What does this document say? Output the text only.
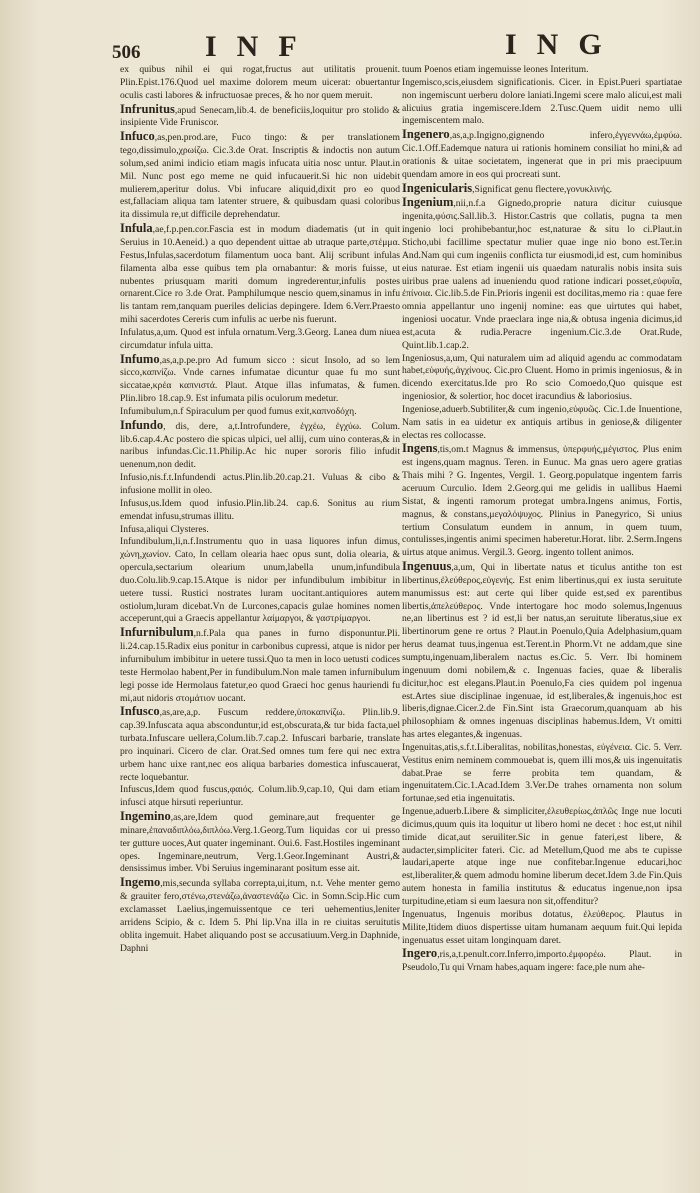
506 INF	ING
ex quibus nihil ei qui rogat,fructus aut utilitatis prouenit. Plin.Epist.176.Quod uel maxime dolorem meum uicerat: obuertantur oculis casti labores & infructuosae preces, & ho nor quem meruit.
Infrunitus,apud Senecam,lib.4. de beneficiis,loquitur pro stolido & insipiente Vide Fruniscor.
Infuco,as,pen.prod.are, Fuco tingo: & per translationem tego,dissimulo,χρωίζω. Cic.3.de Orat. Inscriptis & indoctis non autum solum,sed animi indicio etiam magis infucata uitia nosc untur. Plaut.in Mil. Nunc post ego meme ne quid infucauerit.Si hic non uidebit mulierem,aperitur dolus. Vbi infucare aliquid,dixit pro eo quod est,fallaciam aliqua tam latenter struere, & quibusdam quasi coloribus ita dissimula re,ut difficile deprehendatur.
Infula,ae,f.p.pen.cor.Fascia est in modum diadematis (ut in quit Seruius in 10.Aeneid.) a quo dependent uittae ab utraque parte,στέμμα. Festus,Infulas,sacerdotum filamentum uoca bant. Alij scribunt infulas filamenta alba esse quibus tem pla ornabantur: & moris fuisse, ut nubentes priusquam mariti domum ingrederentur,infulis postes ornarent.Cice ro 3.de Orat. Pamphilumque nescio quem,sinamus in infu lis tantam rem,tanquam pueriles delicias depingere. Idem 6.Verr.Praesto mihi sacerdotes Cereris cum infulis ac uerbe nis fuerunt.
Infulatus,a,um. Quod est infula ornatum.Verg.3.Georg. Lanea dum niuea circumdatur infula uitta.
Infumo,as,a,p.pe.pro Ad fumum sicco : sicut Insolo, ad so lem sicco,καπνίζω. Vnde carnes infumatae dicuntur quae fu mo sunt siccatae,κρέα καπνιστά. Plaut. Atque illas infumatas, & fumen. Plin.libro 18.cap.9. Est infumata pilis oculorum medetur.
Infumibulum,n.f Spiraculum per quod fumus exit,καπνοδόχη.
Infundo, dis, dere, a,t.Introfundere, ἐγχέω, ἐγχύω. Colum. lib.6.cap.4.Ac postero die spicas ulpici, uel allij, cum uino conteras,& in naribus infundas.Cic.11.Philip.Ac hic nuper sororis filio infudit uenenum,non dedit.
Infusio,nis.f.t.Infundendi actus.Plin.lib.20.cap.21. Vuluas & cibo & infusione mollit in oleo.
Infusus,us.Idem quod infusio.Plin.lib.24. cap.6. Sonitus au rium emendat infusu,strumas illitu.
Infusa,aliqui Clysteres.
Infundibulum,li,n.f.Instrumentu quo in uasa liquores infun dimus, χώνη,χωνίον. Cato, In cellam olearia haec opus sunt, dolia olearia, & opercula,sectarium olearium unum,labella unum,infundibula duo.Colu.lib.9.cap.15.Atque is nidor per infundibulum imbibitur in uetere tussi. Rustici nostrates luram uocitant.antiquiores autem ostiolum,luram dicebat.Vn de Lurcones,capacis gulae homines nomen acceperunt,qui a Graecis appellantur λαίμαργοι, & γαστρίμαργοι.
Infurnibulum,n.f.Pala qua panes in furno disponuntur.Pli. li.24.cap.15.Radix eius ponitur in carbonibus cupressi, atque is nidor per infurnibulum imbibitur in uetere tussi.Quo ta men in loco uetusti codices teste Hermolao habent,Per in fundibulum.Non male tamen infurnibulum legi posse ide Hermolaus fatetur,eo quod Graeci hoc genus hauriendi fu mi,aut nidoris στομάτιον uocant.
Infusco,as,are,a,p. Fuscum reddere,ὑποκαπνίζω. Plin.lib.9. cap.39.Infuscata aqua absconduntur,id est,obscurata,& tur bida facta,uel turbata.Infuscare uellera,Colum.lib.7.cap.2. Infuscari barbarie, translate pro inquinari. Cicero de clar. Orat.Sed omnes tum fere qui nec extra urbem hanc uixe rant,nec eos aliqua barbaries domestica infuscauerat, recte loquebantur.
Infuscus,Idem quod fuscus,φαιός. Colum.lib.9,cap.10, Qui dam etiam infusci atque hirsuti reperiuntur.
Ingemino,as,are,Idem quod geminare,aut frequenter ge minare,ἐπαναδιπλόω,διπλόω.Verg.1.Georg.Tum liquidas cor ui presso ter gutture uoces,Aut quater ingeminant. Oui.6. Fast.Hostiles ingeminant opes. Ingeminare,neutrum, Verg.1.Geor.Ingeminant Austri,& densissimus imber. Vbi Seruius ingeminarant positum esse ait.
Ingemo,mis,secunda syllaba correpta,ui,itum, n.t. Vehe menter gemo & grauiter fero,στένω,στενάζω,ἀναστενάζω Cic. in Somn.Scip.Hic cum exclamasset Laelius,ingemuissentque ce teri uehementius,leniter arridens Scipio, & c. Idem 5. Phi lip.Vna illa in re ciuitas seruitutis oblita ingemuit. Habet aliquando post se accusatiuum.Verg.in Daphnide, Daphni
tuum Poenos etiam ingemuisse leones Interitum.
Ingemisco,scis,eiusdem significationis. Cicer. in Epist.Pueri spartiatae non ingemiscunt uerberu dolore laniati.Ingemi scere malo alicui,est mali alicuius gratia ingemiscere.Idem 2.Tusc.Quem uidit nemo ulli ingemiscentem malo.
Ingenero,as,a,p.Ingigno,gignendo infero,ἐγγεννάω,ἐμφύω. Cic.1.Off.Eademque natura ui rationis hominem consiliat ho mini,& ad orationis & uitae societatem, ingenerat que in pri mis praecipuum quendam amore in eos qui procreati sunt.
Ingenicularis,Significat genu flectere,γονυκλινής.
Ingenium,nii,n.f.a Gignedo,proprie natura dicitur cuiusque ingenita,φύσις.Sall.lib.3. Histor.Castris que collatis, pugna ta men ingenio loci prohibebantur,hoc est,naturae & situ lo ci.Plaut.in Sticho,ubi facillime spectatur mulier quae inge nio bono est.Ter.in And.Nam qui cum ingeniis conflicta tur eiusmodi,id est, cum hominibus eius naturae. Est etiam ingenii uis quaedam naturalis nobis insita suis uiribus prae ualens ad inueniendu quod ratione indicari posset,εὐφυΐα, ἐπίνοια. Cic.lib.5.de Fin.Prioris ingenii est docilitas,memo ria : quae fere omnia appellantur uno ingenij nomine: eas que uirtutes qui habet, ingeniosi uocatur. Vnde praeclara inge nia,& obtusa ingenia dicimus,id est,acuta & rudia.Peracre ingenium.Cic.3.de Orat.Rude, Quint.lib.1.cap.2.
Ingeniosus,a,um, Qui naturalem uim ad aliquid agendu ac commodatam habet,εὐφυής,ἀγχίνους. Cic.pro Cluent. Homo in primis ingeniosus, & in dicendo exercitatus.Ide pro Ro scio Comoedo,Quo quisque est ingeniosior, & solertior, hoc docet iracundius & laboriosius.
Ingeniose,aduerb.Subtiliter,& cum ingenio,εὐφυῶς. Cic.1.de Inuentione, Nam satis in ea uidetur ex antiquis artibus in geniose,& diligenter electas res collocasse.
Ingens,tis,om.t Magnus & immensus, ὑπερφυής,μέγιστος. Plus enim est ingens,quam magnus. Teren. in Eunuc. Ma gnas uero agere gratias Thais mihi ? G. Ingentes, Vergil. 1. Georg.populatque ingentem farris aceruum Curculio. Idem 2.Georg.qui me gelidis in uallibus Haemi Sistat, & ingenti ramorum protegat umbra.Ingens animus, Fortis, magnus, & constans,μεγαλόψυχος. Plinius in Panegyrico, Si unius tertium Consulatum eundem in annum, in quem tuum, contulisses,ingentis animi specimen haberetur.Horat. libr. 2.Serm.Ingens uirtus atque animus. Vergil.3. Georg. ingento tollent animos.
Ingenuus,a,um, Qui in libertate natus et ticulus antithe ton est libertinus,ἐλεύθερος,εὐγενής. Est enim libertinus,qui ex iusta seruitute manumissus est: aut certe qui liber quide est,sed ex parentibus libertis,ἀπελεύθερος. Vnde intertogare hoc modo solemus,Ingenuus ne,an libertinus est ? id est,li ber natus,an seruitute liberatus,siue ex libertinorum gene re ortus ? Plaut.in Poenulo,Quia Adelphasium,quam herus deamat tuus,ingenua est.Terent.in Phorm.Vt ne addam,que sine sumptu,ingenuam,liberalem nactus es.Cic. 5. Verr. Ibi hominem ingenuum domi nobilem,& c. Ingenuas facies, quae & liberalis dicitur,hoc est elegans.Plaut.in Poenulo,Fa cies quidem pol ingenua est.Artes siue disciplinae ingenuae, id est,liberales,& ingenuis,hoc est liberis,dignae.Cicer.2.de Fin.Sint ista Graecorum,quanquam ab his philosophiam & omnes ingenuas disciplinas habemus.Idem, Vt omitti has artes elegantes,& ingenuas.
Ingenuitas,atis,s.f.t.Liberalitas, nobilitas,honestas, εὐγένεια. Cic. 5. Verr. Vestitus enim neminem commouebat is, quem illi mos,& uis ingenuitatis dabat.Prae se ferre probita tem quandam, & ingenuitatem.Cic.1.Acad.Idem 3.Ver.De trahes ornamenta non solum fortunae,sed etia ingenuitatis.
Ingenue,aduerb.Libere & simpliciter,ἐλευθερίως,ἁπλῶς Inge nue locuti dicimus,quum quis ita loquitur ut libero homi ne decet : hoc est,ut nihil timide dicat,aut seruiliter.Sic in genue fateri,est libere, & audacter,simpliciter fateri. Cic. ad Metellum,Quod me abs te cupisse laudari,aperte atque inge nue confitebar.Ingenue educari,hoc est,liberaliter,& quem admodu homine liberum decet.Idem 3.de Fin.Quis autem honesta in familia institutus & educatus ingenue,non ipsa turpitudine,etiam si eum laesura non sit,offenditur?
Ingenuatus, Ingenuis moribus dotatus, ἐλεύθερος. Plautus in Milite,Itidem diuos dispertisse uitam humanam aequum fuit.Qui lepida ingenuatus esset uitam longinquam daret.
Ingero,ris,a,t.penult.corr.Inferro,importo.ἐμφορέω. Plaut. in Pseudolo,Tu qui Vrnam habes,aquam ingere: face,ple num ahe-
